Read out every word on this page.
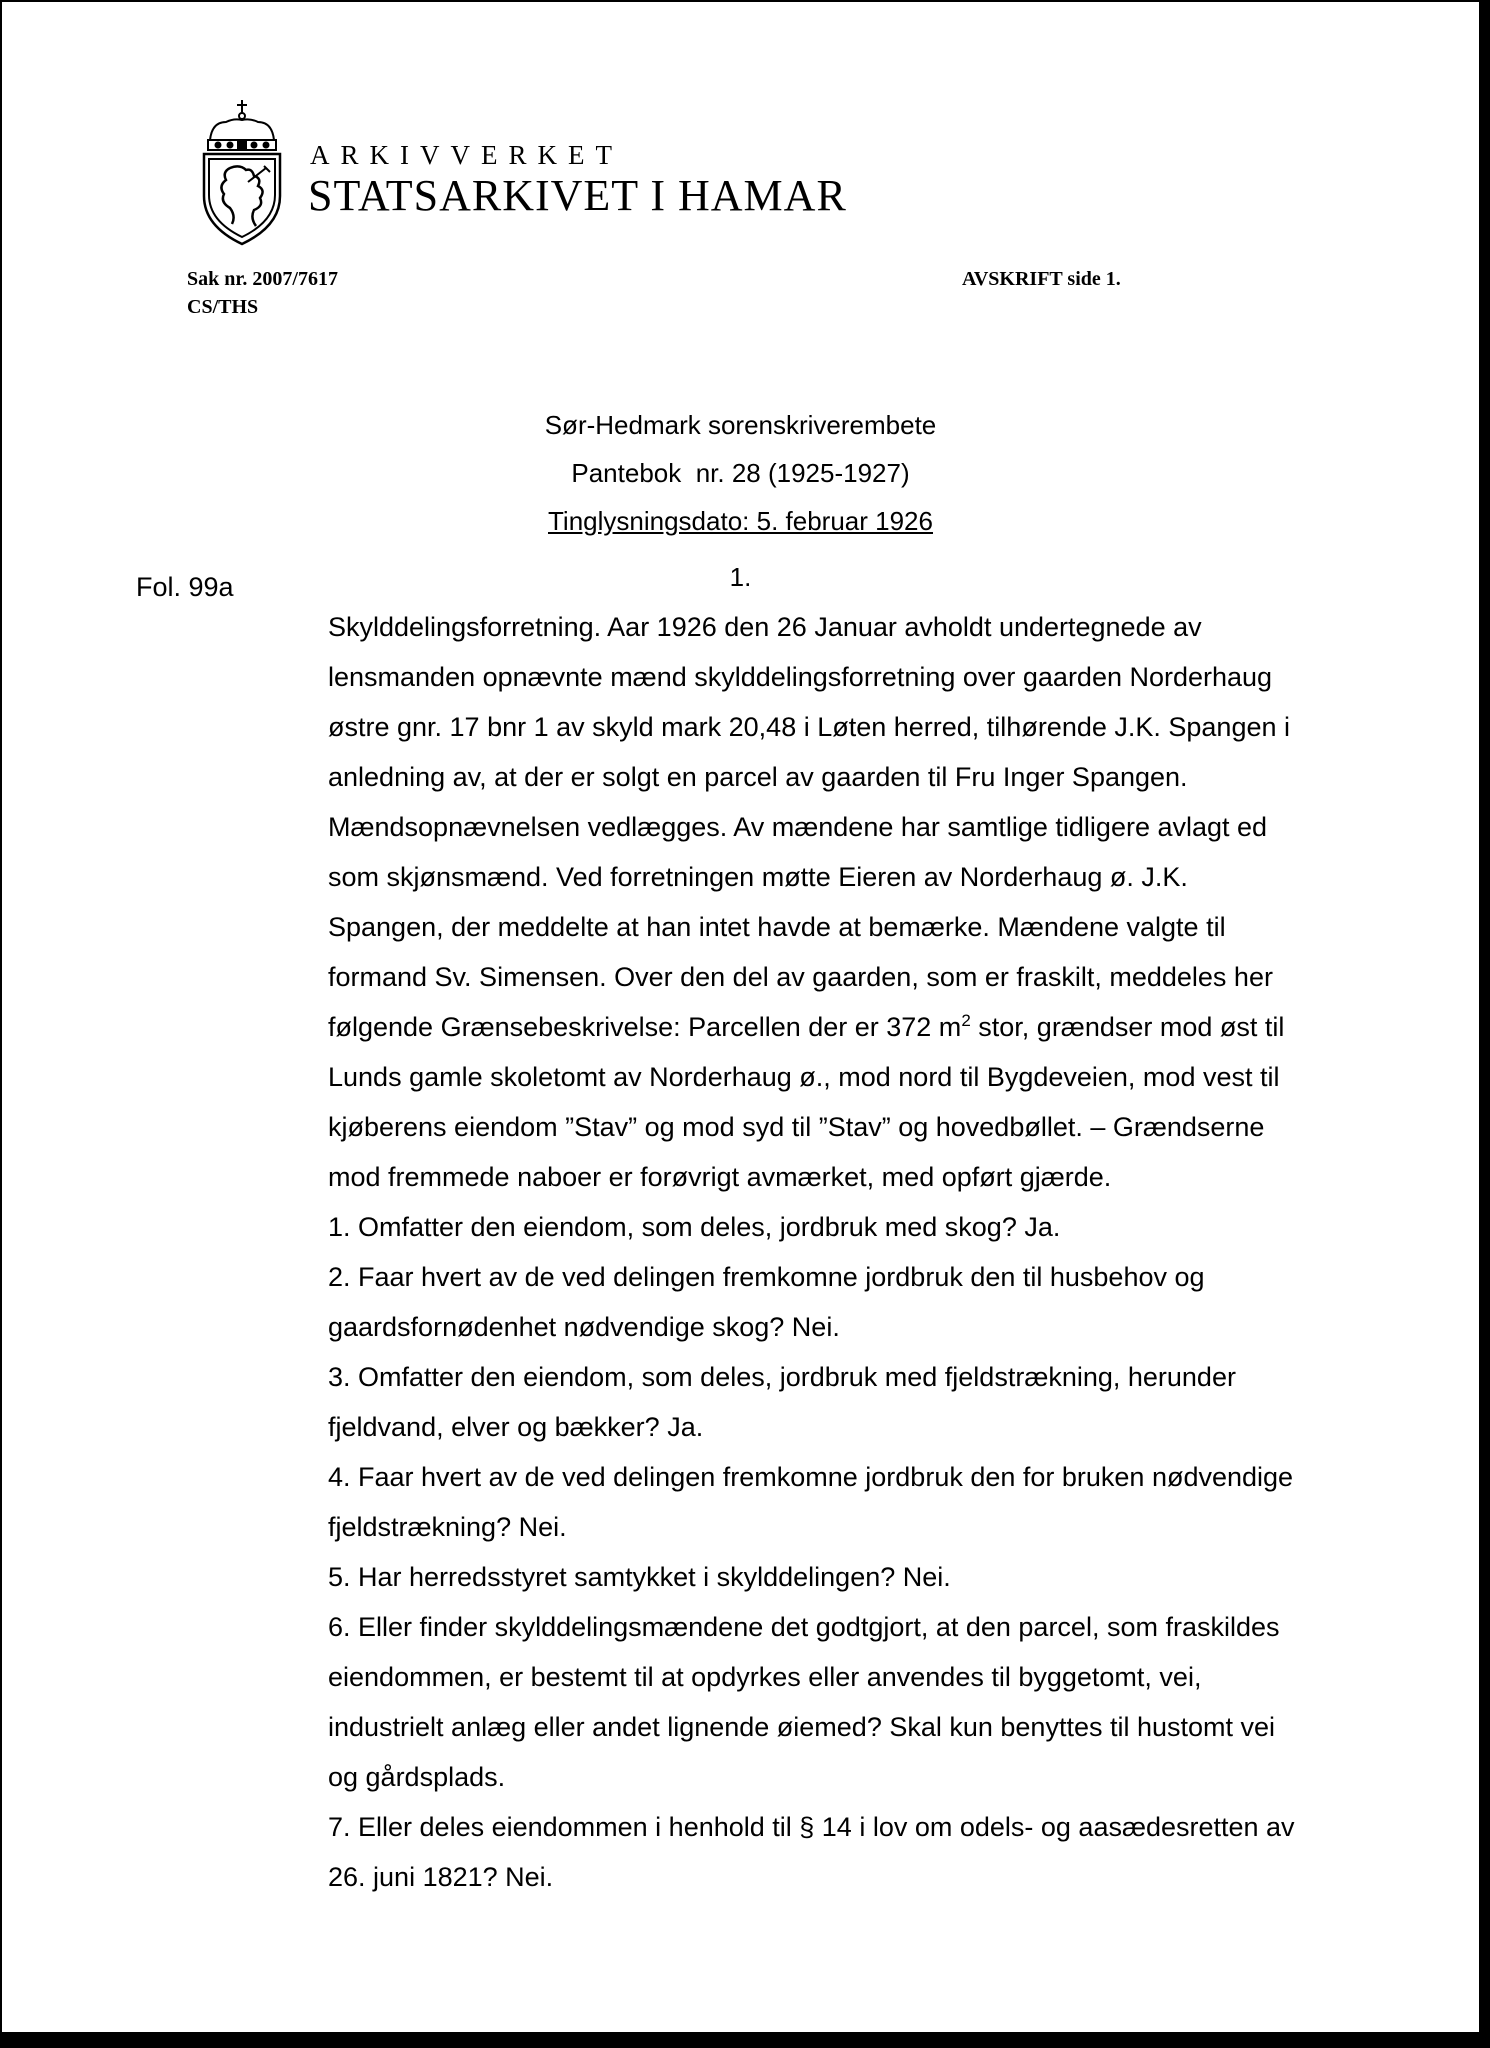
ARKIVVERKET
STATSARKIVET I HAMAR
Sak nr. 2007/7617
CS/THS
AVSKRIFT side 1.
Sør-Hedmark sorenskriverembete
Pantebok  nr. 28 (1925-1927)
Tinglysningsdato: 5. februar 1926
1.
Fol. 99a
Skylddelingsforretning. Aar 1926 den 26 Januar avholdt undertegnede av
lensmanden opnævnte mænd skylddelingsforretning over gaarden Norderhaug
østre gnr. 17 bnr 1 av skyld mark 20,48 i Løten herred, tilhørende J.K. Spangen i
anledning av, at der er solgt en parcel av gaarden til Fru Inger Spangen.
Mændsopnævnelsen vedlægges. Av mændene har samtlige tidligere avlagt ed
som skjønsmænd. Ved forretningen møtte Eieren av Norderhaug ø. J.K.
Spangen, der meddelte at han intet havde at bemærke. Mændene valgte til
formand Sv. Simensen. Over den del av gaarden, som er fraskilt, meddeles her
følgende Grænsebeskrivelse: Parcellen der er 372 $m^2$ stor, grændser mod øst til
Lunds gamle skoletomt av Norderhaug ø., mod nord til Bygdeveien, mod vest til
kjøberens eiendom ”Stav” og mod syd til ”Stav” og hovedbøllet. – Grændserne
mod fremmede naboer er forøvrigt avmærket, med opført gjærde.
1. Omfatter den eiendom, som deles, jordbruk med skog? Ja.
2. Faar hvert av de ved delingen fremkomne jordbruk den til husbehov og
gaardsfornødenhet nødvendige skog? Nei.
3. Omfatter den eiendom, som deles, jordbruk med fjeldstrækning, herunder
fjeldvand, elver og bækker? Ja.
4. Faar hvert av de ved delingen fremkomne jordbruk den for bruken nødvendige
fjeldstrækning? Nei.
5. Har herredsstyret samtykket i skylddelingen? Nei.
6. Eller finder skylddelingsmændene det godtgjort, at den parcel, som fraskildes
eiendommen, er bestemt til at opdyrkes eller anvendes til byggetomt, vei,
industrielt anlæg eller andet lignende øiemed? Skal kun benyttes til hustomt vei
og gårdsplads.
7. Eller deles eiendommen i henhold til § 14 i lov om odels- og aasædesretten av
26. juni 1821? Nei.
